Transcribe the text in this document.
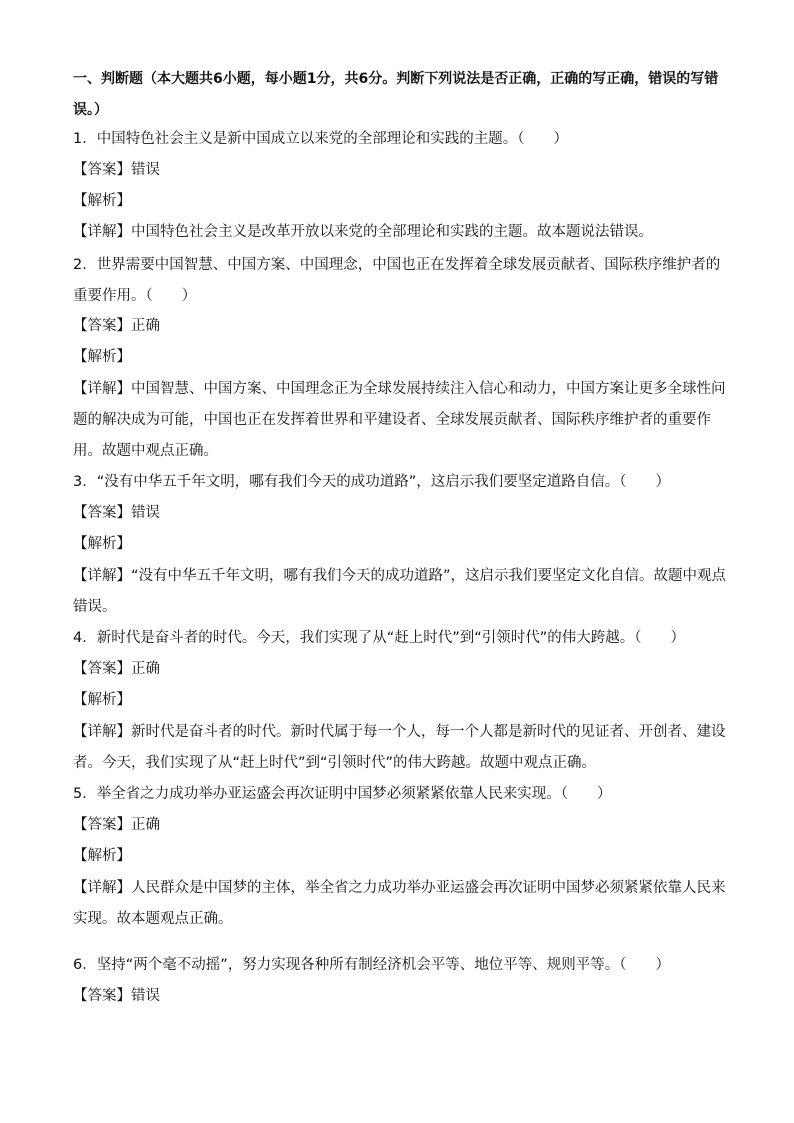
一、判断题（本大题共6小题，每小题1分，共6分。判断下列说法是否正确，正确的写正确，错误的写错误。）
1．中国特色社会主义是新中国成立以来党的全部理论和实践的主题。（　　）
【答案】错误
【解析】
【详解】中国特色社会主义是改革开放以来党的全部理论和实践的主题。故本题说法错误。
2．世界需要中国智慧、中国方案、中国理念，中国也正在发挥着全球发展贡献者、国际秩序维护者的重要作用。（　　）
【答案】正确
【解析】
【详解】中国智慧、中国方案、中国理念正为全球发展持续注入信心和动力，中国方案让更多全球性问题的解决成为可能，中国也正在发挥着世界和平建设者、全球发展贡献者、国际秩序维护者的重要作用。故题中观点正确。
3．“没有中华五千年文明，哪有我们今天的成功道路”，这启示我们要坚定道路自信。（　　）
【答案】错误
【解析】
【详解】“没有中华五千年文明，哪有我们今天的成功道路”，这启示我们要坚定文化自信。故题中观点错误。
4．新时代是奋斗者的时代。今天，我们实现了从“赶上时代”到“引领时代”的伟大跨越。（　　）
【答案】正确
【解析】
【详解】新时代是奋斗者的时代。新时代属于每一个人，每一个人都是新时代的见证者、开创者、建设者。今天，我们实现了从“赶上时代”到“引领时代”的伟大跨越。故题中观点正确。
5．举全省之力成功举办亚运盛会再次证明中国梦必须紧紧依靠人民来实现。（　　）
【答案】正确
【解析】
【详解】人民群众是中国梦的主体，举全省之力成功举办亚运盛会再次证明中国梦必须紧紧依靠人民来实现。故本题观点正确。
6．坚持“两个毫不动摇”，努力实现各种所有制经济机会平等、地位平等、规则平等。（　　）
【答案】错误
